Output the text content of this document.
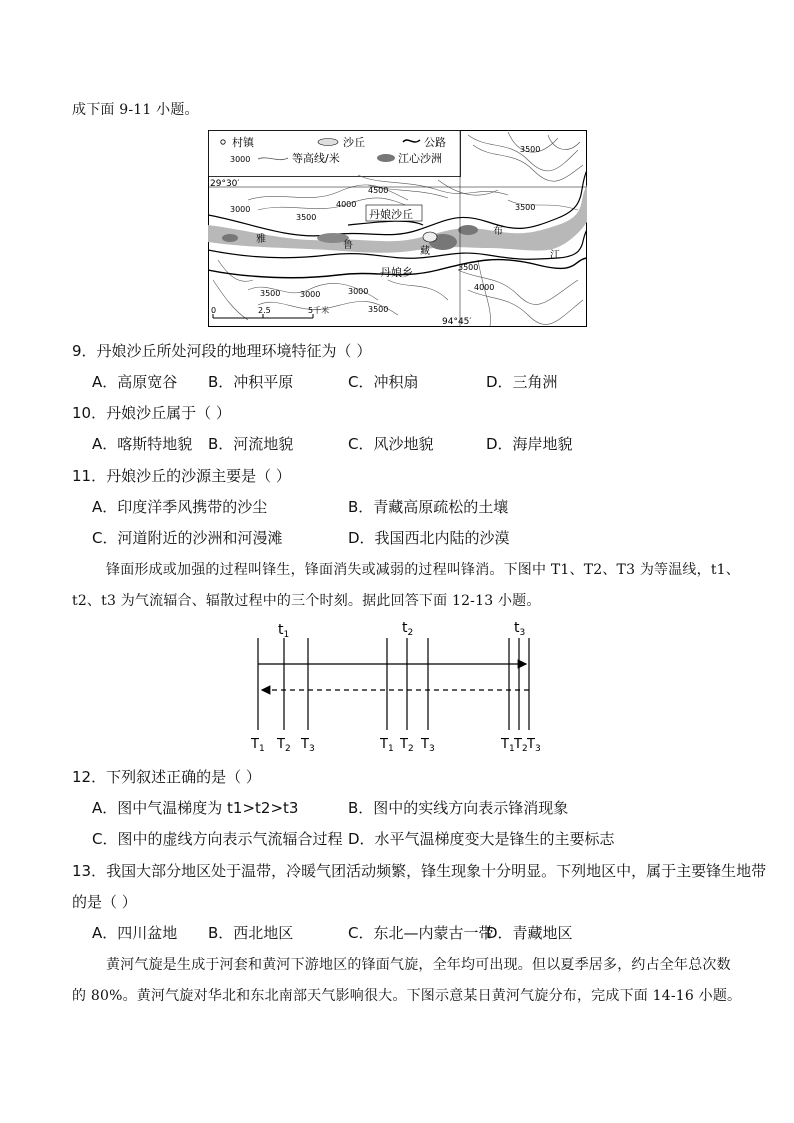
成下面 9-11 小题。
村镇	沙丘	公路
3000	等高线/米	江心沙洲
29°30′
94°45′
丹娘沙丘
丹娘乡
雅
鲁
藏
布
江
3000
3500
4000
4500
3500
3500
3000
3500
3500
4000
3000
3500
0	2.5	5千米
9．丹娘沙丘所处河段的地理环境特征为（ ）
A．高原宽谷 B．冲积平原	C．冲积扇	D．三角洲
10．丹娘沙丘属于（ ）
A．喀斯特地貌 B．河流地貌	C．风沙地貌	D．海岸地貌
11．丹娘沙丘的沙源主要是（ ）
A．印度洋季风携带的沙尘	B．青藏高原疏松的土壤
C．河道附近的沙洲和河漫滩	D．我国西北内陆的沙漠
锋面形成或加强的过程叫锋生，锋面消失或减弱的过程叫锋消。下图中 T1、T2、T3 为等温线，t1、
t2、t3 为气流辐合、辐散过程中的三个时刻。据此回答下面 12-13 小题。
$t_1$	$t_2$	$t_3$
$T_1$ $T_2$ $T_3$	$T_1$ $T_2$ $T_3$	$T_1$ $T_2$ $T_3$
12．下列叙述正确的是（ ）
A．图中气温梯度为 t1>t2>t3	B．图中的实线方向表示锋消现象
C．图中的虚线方向表示气流辐合过程 D．水平气温梯度变大是锋生的主要标志
13．我国大部分地区处于温带，冷暖气团活动频繁，锋生现象十分明显。下列地区中，属于主要锋生地带
的是（ ）
A．四川盆地 B．西北地区	C．东北—内蒙古一带
D．青藏地区
黄河气旋是生成于河套和黄河下游地区的锋面气旋，全年均可出现。但以夏季居多，约占全年总次数
的 80%。黄河气旋对华北和东北南部天气影响很大。下图示意某日黄河气旋分布，完成下面 14-16 小题。
